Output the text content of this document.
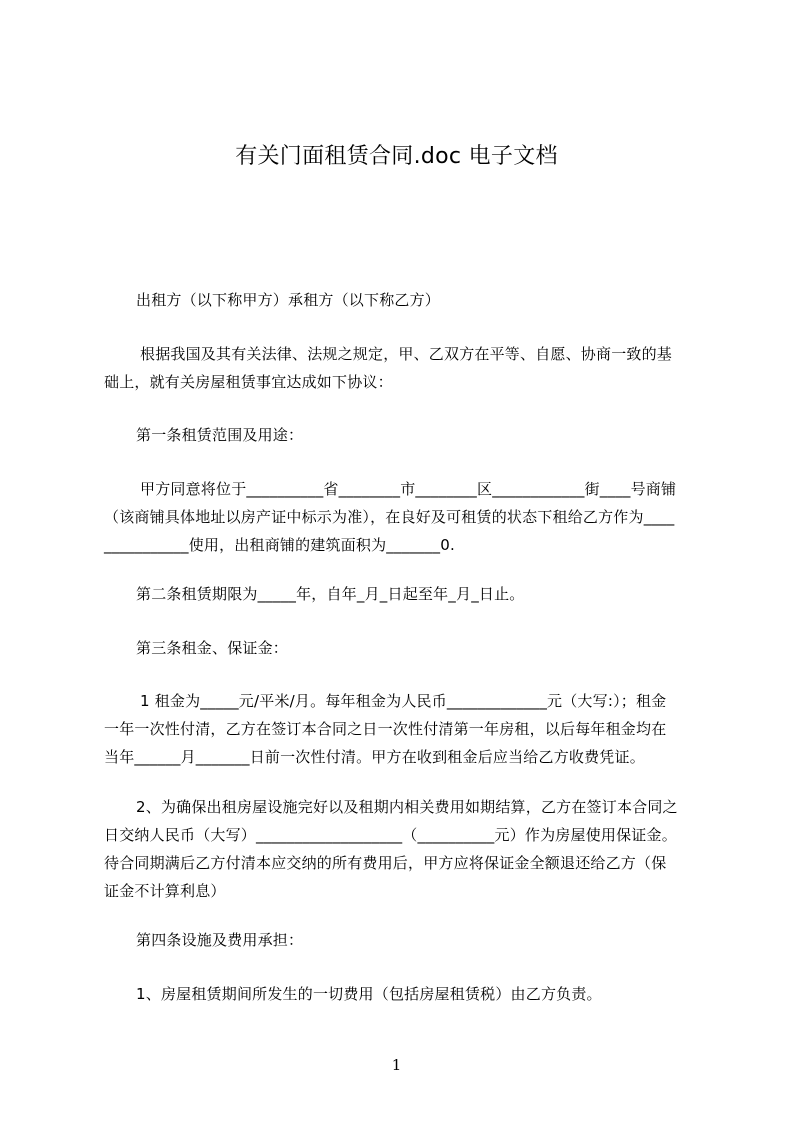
有关门面租赁合同.doc 电子文档
出租方（以下称甲方）承租方（以下称乙方）
根据我国及其有关法律、法规之规定，甲、乙双方在平等、自愿、协商一致的基
础上，就有关房屋租赁事宜达成如下协议：
第一条租赁范围及用途：
甲方同意将位于__________省________市________区____________街____号商铺
（该商铺具体地址以房产证中标示为准），在良好及可租赁的状态下租给乙方作为____
___________使用，出租商铺的建筑面积为_______0.
第二条租赁期限为_____年，自年_月_日起至年_月_日止。
第三条租金、保证金：
1 租金为_____元/平米/月。每年租金为人民币_____________元（大写:）；租金
一年一次性付清，乙方在签订本合同之日一次性付清第一年房租，以后每年租金均在
当年______月_______日前一次性付清。甲方在收到租金后应当给乙方收费凭证。
2、为确保出租房屋设施完好以及租期内相关费用如期结算，乙方在签订本合同之
日交纳人民币（大写）___________________（__________元）作为房屋使用保证金。
待合同期满后乙方付清本应交纳的所有费用后，甲方应将保证金全额退还给乙方（保
证金不计算利息）
第四条设施及费用承担：
1、房屋租赁期间所发生的一切费用（包括房屋租赁税）由乙方负责。
1
